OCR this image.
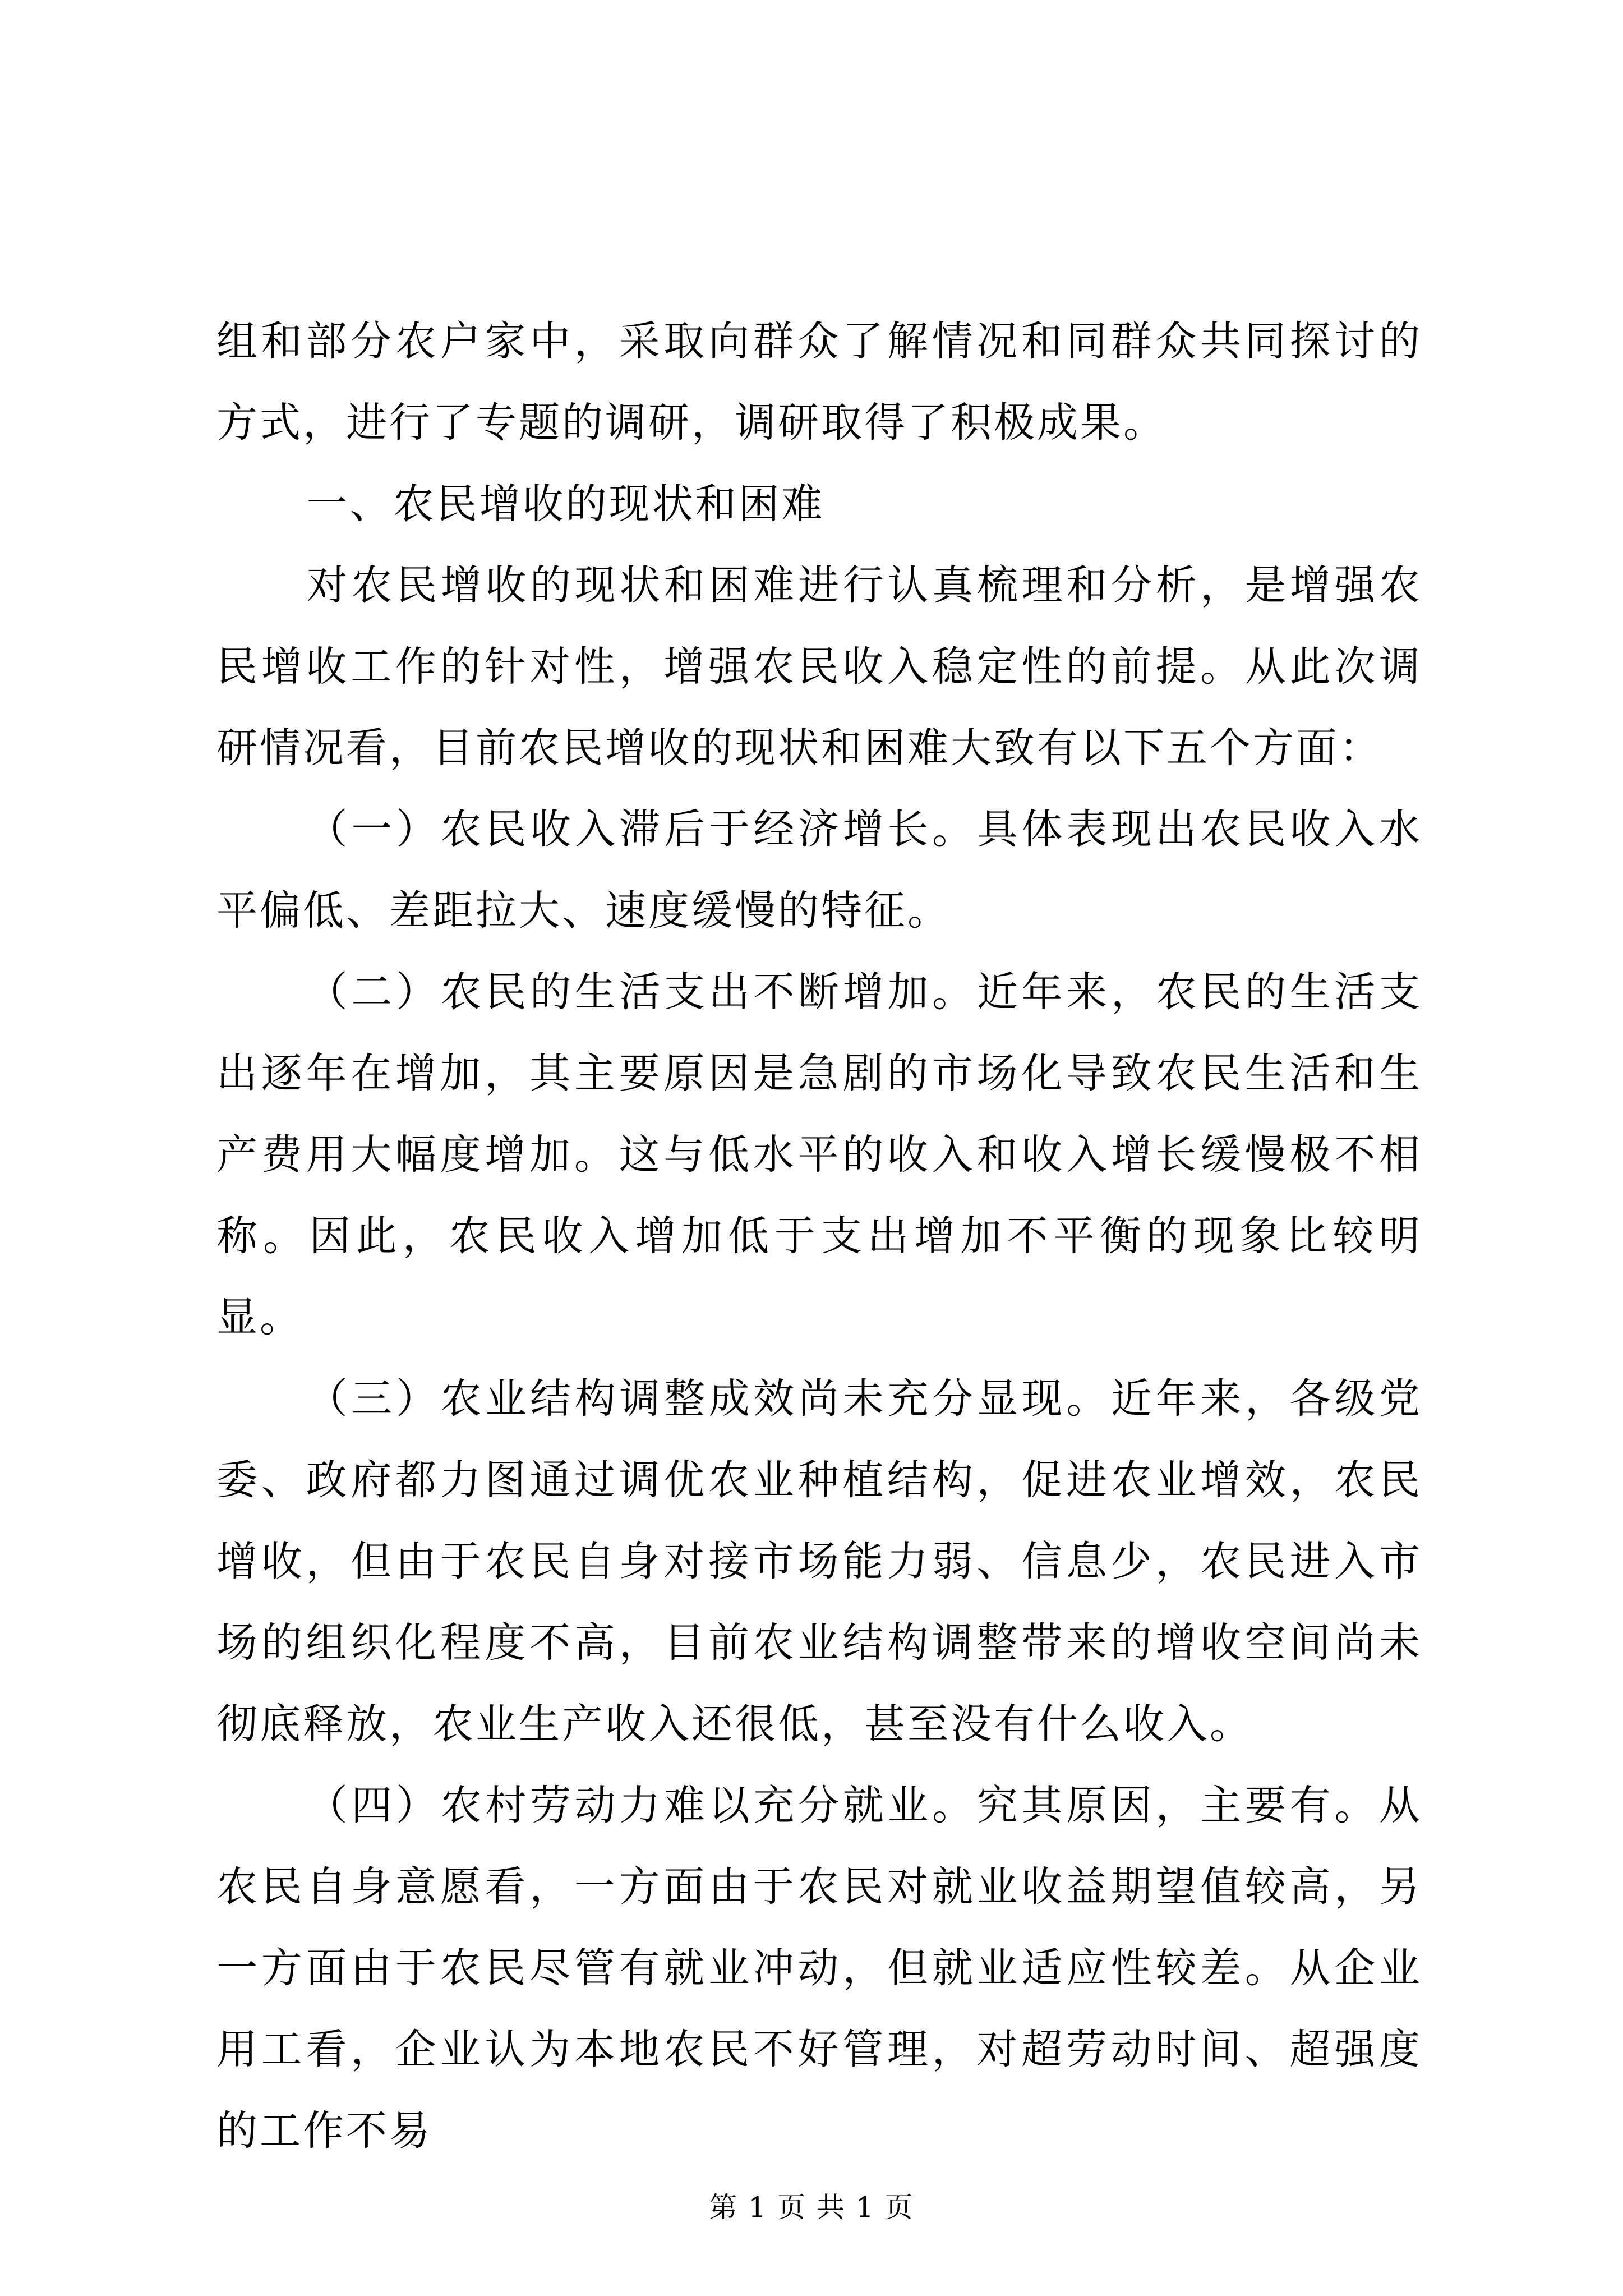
组和部分农户家中，采取向群众了解情况和同群众共同探讨的方式，进行了专题的调研，调研取得了积极成果。

一、农民增收的现状和困难

对农民增收的现状和困难进行认真梳理和分析，是增强农民增收工作的针对性，增强农民收入稳定性的前提。从此次调研情况看，目前农民增收的现状和困难大致有以下五个方面：

（一）农民收入滞后于经济增长。具体表现出农民收入水平偏低、差距拉大、速度缓慢的特征。

（二）农民的生活支出不断增加。近年来，农民的生活支出逐年在增加，其主要原因是急剧的市场化导致农民生活和生产费用大幅度增加。这与低水平的收入和收入增长缓慢极不相称。因此，农民收入增加低于支出增加不平衡的现象比较明显。

（三）农业结构调整成效尚未充分显现。近年来，各级党委、政府都力图通过调优农业种植结构，促进农业增效，农民增收，但由于农民自身对接市场能力弱、信息少，农民进入市场的组织化程度不高，目前农业结构调整带来的增收空间尚未彻底释放，农业生产收入还很低，甚至没有什么收入。

（四）农村劳动力难以充分就业。究其原因，主要有。从农民自身意愿看，一方面由于农民对就业收益期望值较高，另一方面由于农民尽管有就业冲动，但就业适应性较差。从企业用工看，企业认为本地农民不好管理，对超劳动时间、超强度的工作不易

第 1 页 共 1 页
